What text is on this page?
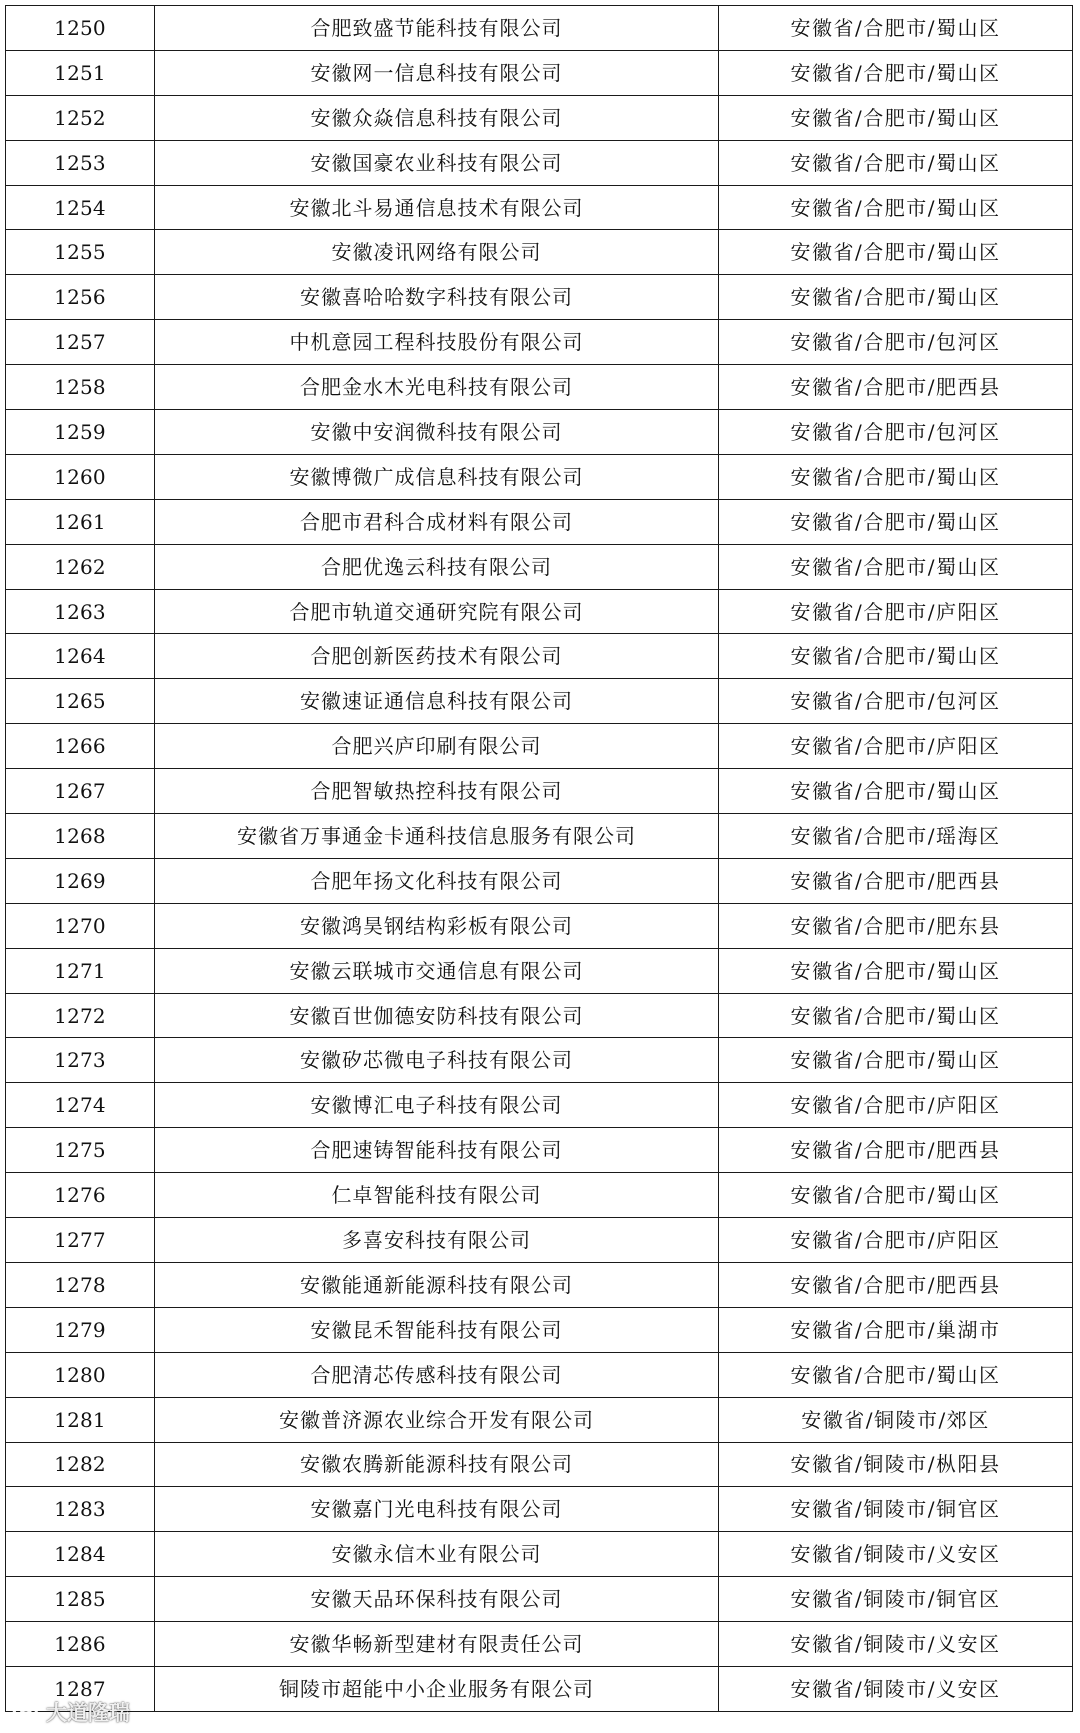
1250	合肥致盛节能科技有限公司	安徽省/合肥市/蜀山区
1251	安徽网一信息科技有限公司	安徽省/合肥市/蜀山区
1252	安徽众焱信息科技有限公司	安徽省/合肥市/蜀山区
1253	安徽国豪农业科技有限公司	安徽省/合肥市/蜀山区
1254	安徽北斗易通信息技术有限公司	安徽省/合肥市/蜀山区
1255	安徽凌讯网络有限公司	安徽省/合肥市/蜀山区
1256	安徽喜哈哈数字科技有限公司	安徽省/合肥市/蜀山区
1257	中机意园工程科技股份有限公司	安徽省/合肥市/包河区
1258	合肥金水木光电科技有限公司	安徽省/合肥市/肥西县
1259	安徽中安润微科技有限公司	安徽省/合肥市/包河区
1260	安徽博微广成信息科技有限公司	安徽省/合肥市/蜀山区
1261	合肥市君科合成材料有限公司	安徽省/合肥市/蜀山区
1262	合肥优逸云科技有限公司	安徽省/合肥市/蜀山区
1263	合肥市轨道交通研究院有限公司	安徽省/合肥市/庐阳区
1264	合肥创新医药技术有限公司	安徽省/合肥市/蜀山区
1265	安徽速证通信息科技有限公司	安徽省/合肥市/包河区
1266	合肥兴庐印刷有限公司	安徽省/合肥市/庐阳区
1267	合肥智敏热控科技有限公司	安徽省/合肥市/蜀山区
1268	安徽省万事通金卡通科技信息服务有限公司	安徽省/合肥市/瑶海区
1269	合肥年扬文化科技有限公司	安徽省/合肥市/肥西县
1270	安徽鸿昊钢结构彩板有限公司	安徽省/合肥市/肥东县
1271	安徽云联城市交通信息有限公司	安徽省/合肥市/蜀山区
1272	安徽百世伽德安防科技有限公司	安徽省/合肥市/蜀山区
1273	安徽矽芯微电子科技有限公司	安徽省/合肥市/蜀山区
1274	安徽博汇电子科技有限公司	安徽省/合肥市/庐阳区
1275	合肥速铸智能科技有限公司	安徽省/合肥市/肥西县
1276	仁卓智能科技有限公司	安徽省/合肥市/蜀山区
1277	多喜安科技有限公司	安徽省/合肥市/庐阳区
1278	安徽能通新能源科技有限公司	安徽省/合肥市/肥西县
1279	安徽昆禾智能科技有限公司	安徽省/合肥市/巢湖市
1280	合肥清芯传感科技有限公司	安徽省/合肥市/蜀山区
1281	安徽普济源农业综合开发有限公司	安徽省/铜陵市/郊区
1282	安徽农腾新能源科技有限公司	安徽省/铜陵市/枞阳县
1283	安徽嘉门光电科技有限公司	安徽省/铜陵市/铜官区
1284	安徽永信木业有限公司	安徽省/铜陵市/义安区
1285	安徽天品环保科技有限公司	安徽省/铜陵市/铜官区
1286	安徽华畅新型建材有限责任公司	安徽省/铜陵市/义安区
1287	铜陵市超能中小企业服务有限公司	安徽省/铜陵市/义安区
大道隆瑞
